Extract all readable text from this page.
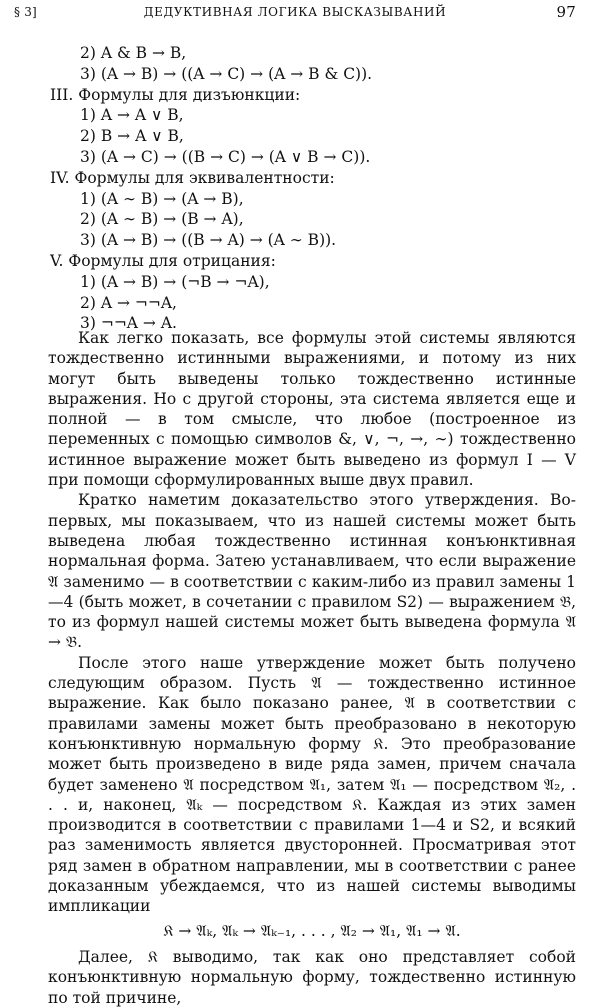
§ 3]	ДЕДУКТИВНАЯ ЛОГИКА ВЫСКАЗЫВАНИЙ	97
2) A & B → B,
3) (A → B) → ((A → C) → (A → B & C)).
III. Формулы для дизъюнкции:
1) A → A ∨ B,
2) B → A ∨ B,
3) (A → C) → ((B → C) → (A ∨ B → C)).
IV. Формулы для эквивалентности:
1) (A ∼ B) → (A → B),
2) (A ∼ B) → (B → A),
3) (A → B) → ((B → A) → (A ∼ B)).
V. Формулы для отрицания:
1) (A → B) → (¬B → ¬A),
2) A → ¬¬A,
3) ¬¬A → A.

Как легко показать, все формулы этой системы являются тождественно истинными выражениями, и потому из них могут быть выведены только тождественно истинные выражения. Но с другой стороны, эта система является еще и полной — в том смысле, что любое (построенное из переменных с помощью символов &, ∨, ¬, →, ∼) тождественно истинное выражение может быть выведено из формул I — V при помощи сформулированных выше двух правил.

Кратко наметим доказательство этого утверждения. Во-первых, мы показываем, что из нашей системы может быть выведена любая тождественно истинная конъюнктивная нормальная форма. Затею устанавливаем, что если выражение 𝔄 заменимо — в соответствии с каким-либо из правил замены 1—4 (быть может, в сочетании с правилом S2) — выражением 𝔅, то из формул нашей системы может быть выведена формула 𝔄 → 𝔅.

После этого наше утверждение может быть получено следующим образом. Пусть 𝔄 — тождественно истинное выражение. Как было показано ранее, 𝔄 в соответствии с правилами замены может быть преобразовано в некоторую конъюнктивную нормальную форму 𝔎. Это преобразование может быть произведено в виде ряда замен, причем сначала будет заменено 𝔄 посредством 𝔄₁, затем 𝔄₁ — посредством 𝔄₂, . . . и, наконец, 𝔄ₖ — посредством 𝔎. Каждая из этих замен производится в соответствии с правилами 1—4 и S2, и всякий раз заменимость является двусторонней. Просматривая этот ряд замен в обратном направлении, мы в соответствии с ранее доказанным убеждаемся, что из нашей системы выводимы импликации

𝔎 → 𝔄ₖ, 𝔄ₖ → 𝔄ₖ₋₁, . . . , 𝔄₂ → 𝔄₁, 𝔄₁ → 𝔄.

Далее, 𝔎 выводимо, так как оно представляет собой конъюнктивную нормальную форму, тождественно истинную по той причине,
